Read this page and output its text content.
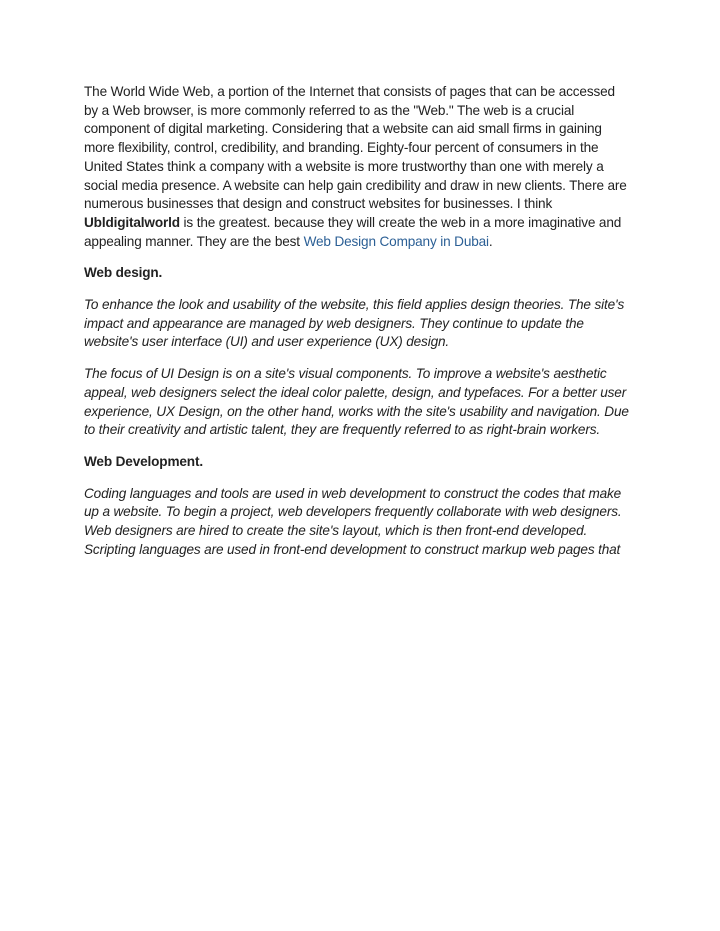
The World Wide Web, a portion of the Internet that consists of pages that can be accessed by a Web browser, is more commonly referred to as the "Web." The web is a crucial component of digital marketing. Considering that a website can aid small firms in gaining more flexibility, control, credibility, and branding. Eighty-four percent of consumers in the United States think a company with a website is more trustworthy than one with merely a social media presence. A website can help gain credibility and draw in new clients. There are numerous businesses that design and construct websites for businesses. I think Ubldigitalworld is the greatest. because they will create the web in a more imaginative and appealing manner. They are the best Web Design Company in Dubai.

Web design.

To enhance the look and usability of the website, this field applies design theories. The site's impact and appearance are managed by web designers. They continue to update the website's user interface (UI) and user experience (UX) design.

The focus of UI Design is on a site's visual components. To improve a website's aesthetic appeal, web designers select the ideal color palette, design, and typefaces. For a better user experience, UX Design, on the other hand, works with the site's usability and navigation. Due to their creativity and artistic talent, they are frequently referred to as right-brain workers.

Web Development.

Coding languages and tools are used in web development to construct the codes that make up a website. To begin a project, web developers frequently collaborate with web designers. Web designers are hired to create the site's layout, which is then front-end developed. Scripting languages are used in front-end development to construct markup web pages that
